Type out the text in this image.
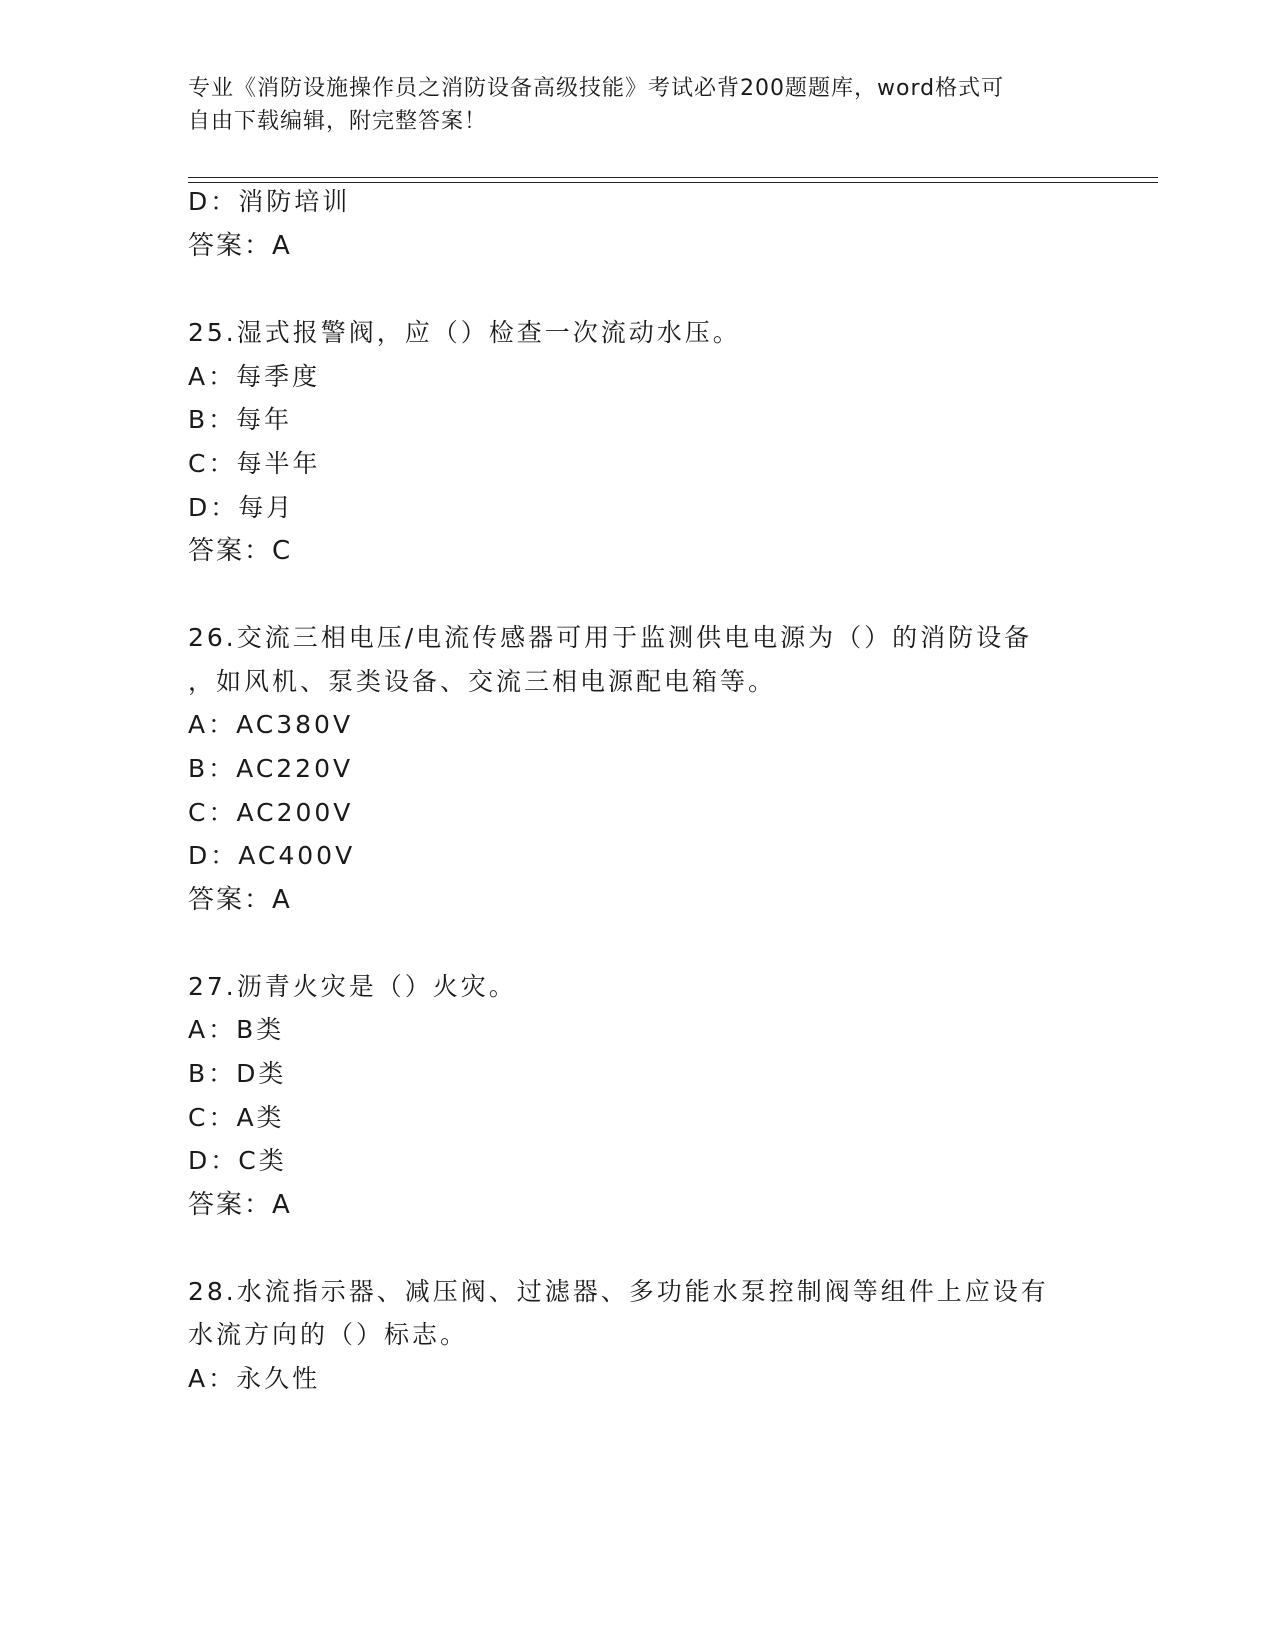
专业《消防设施操作员之消防设备高级技能》考试必背200题题库，word格式可
自由下载编辑，附完整答案！
D：消防培训
答案：A
25.湿式报警阀，应（）检查一次流动水压。
A：每季度
B：每年
C：每半年
D：每月
答案：C
26.交流三相电压/电流传感器可用于监测供电电源为（）的消防设备
，如风机、泵类设备、交流三相电源配电箱等。
A：AC380V
B：AC220V
C：AC200V
D：AC400V
答案：A
27.沥青火灾是（）火灾。
A：B类
B：D类
C：A类
D：C类
答案：A
28.水流指示器、减压阀、过滤器、多功能水泵控制阀等组件上应设有
水流方向的（）标志。
A：永久性
